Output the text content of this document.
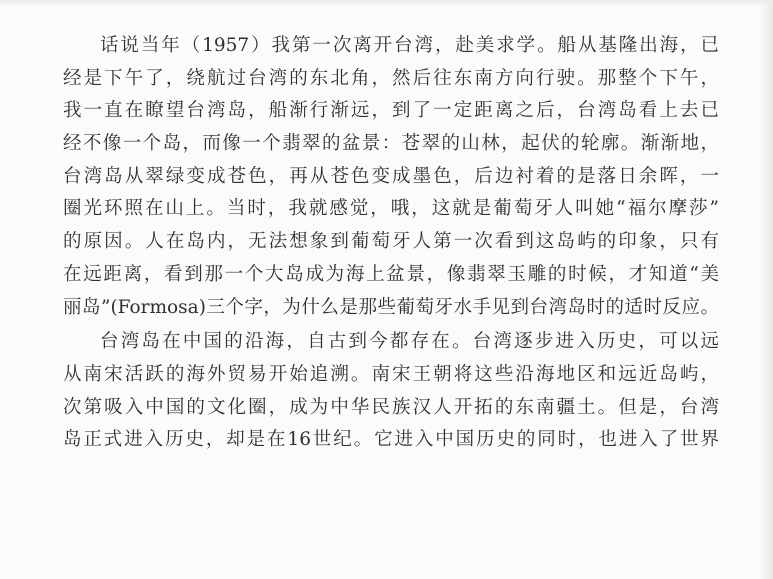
话说当年（1957）我第一次离开台湾，赴美求学。船从基隆出海，已
经是下午了，绕航过台湾的东北角，然后往东南方向行驶。那整个下午，
我一直在瞭望台湾岛，船渐行渐远，到了一定距离之后，台湾岛看上去已
经不像一个岛，而像一个翡翠的盆景：苍翠的山林，起伏的轮廓。渐渐地，
台湾岛从翠绿变成苍色，再从苍色变成墨色，后边衬着的是落日余晖，一
圈光环照在山上。当时，我就感觉，哦，这就是葡萄牙人叫她“福尔摩莎”
的原因。人在岛内，无法想象到葡萄牙人第一次看到这岛屿的印象，只有
在远距离，看到那一个大岛成为海上盆景，像翡翠玉雕的时候，才知道“美
丽岛”(Formosa)三个字，为什么是那些葡萄牙水手见到台湾岛时的适时反应。
台湾岛在中国的沿海，自古到今都存在。台湾逐步进入历史，可以远
从南宋活跃的海外贸易开始追溯。南宋王朝将这些沿海地区和远近岛屿，
次第吸入中国的文化圈，成为中华民族汉人开拓的东南疆土。但是，台湾
岛正式进入历史，却是在16世纪。它进入中国历史的同时，也进入了世界
